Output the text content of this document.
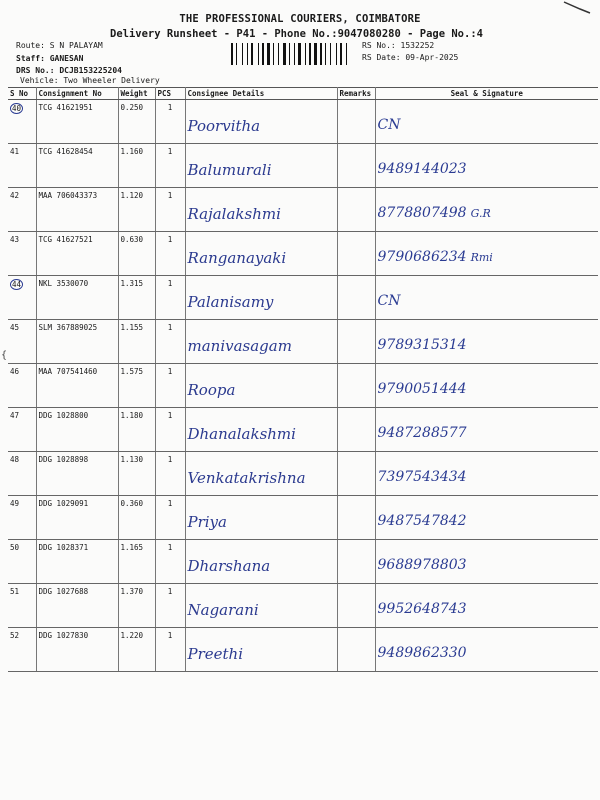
THE PROFESSIONAL COURIERS, COIMBATORE
Delivery Runsheet - P41 - Phone No.:9047080280 - Page No.:4
Route: S N PALAYAM
Staff: GANESAN
DRS No.: DCJB153225204
Vehicle: Two Wheeler Delivery
RS No.: 1532252
RS Date: 09-Apr-2025
{
S No	Consignment No	Weight	PCS	Consignee Details	Remarks	Seal & Signature
40	TCG 41621951	0.250	1	Poorvitha		CN

41	TCG 41628454	1.160	1	Balumurali		9489144023

42	MAA 706043373	1.120	1	Rajalakshmi		8778807498 G.R

43	TCG 41627521	0.630	1	Ranganayaki		9790686234 Rmi

44	NKL 3530070	1.315	1	Palanisamy		CN

45	SLM 367889025	1.155	1	manivasagam		9789315314

46	MAA 707541460	1.575	1	Roopa		9790051444

47	DDG 1028800	1.180	1	Dhanalakshmi		9487288577

48	DDG 1028898	1.130	1	Venkatakrishna		7397543434

49	DDG 1029091	0.360	1	Priya		9487547842

50	DDG 1028371	1.165	1	Dharshana		9688978803

51	DDG 1027688	1.370	1	Nagarani		9952648743

52	DDG 1027830	1.220	1	Preethi		9489862330
